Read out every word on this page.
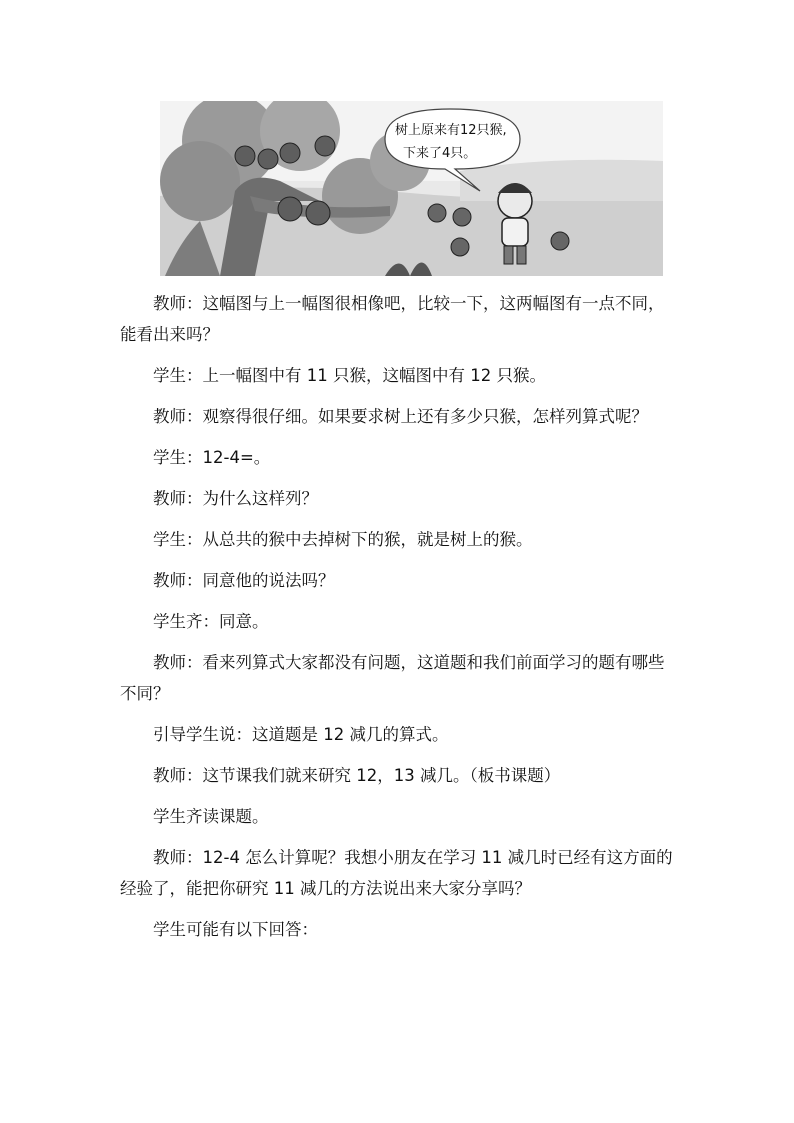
树上原来有12只猴,
下来了4只。

教师：这幅图与上一幅图很相像吧，比较一下，这两幅图有一点不同，能看出来吗？

学生：上一幅图中有 11 只猴，这幅图中有 12 只猴。

教师：观察得很仔细。如果要求树上还有多少只猴，怎样列算式呢？

学生：12-4=。

教师：为什么这样列？

学生：从总共的猴中去掉树下的猴，就是树上的猴。

教师：同意他的说法吗？

学生齐：同意。

教师：看来列算式大家都没有问题，这道题和我们前面学习的题有哪些不同？

引导学生说：这道题是 12 减几的算式。

教师：这节课我们就来研究 12，13 减几。（板书课题）

学生齐读课题。

教师：12-4 怎么计算呢？我想小朋友在学习 11 减几时已经有这方面的经验了，能把你研究 11 减几的方法说出来大家分享吗？

学生可能有以下回答：
